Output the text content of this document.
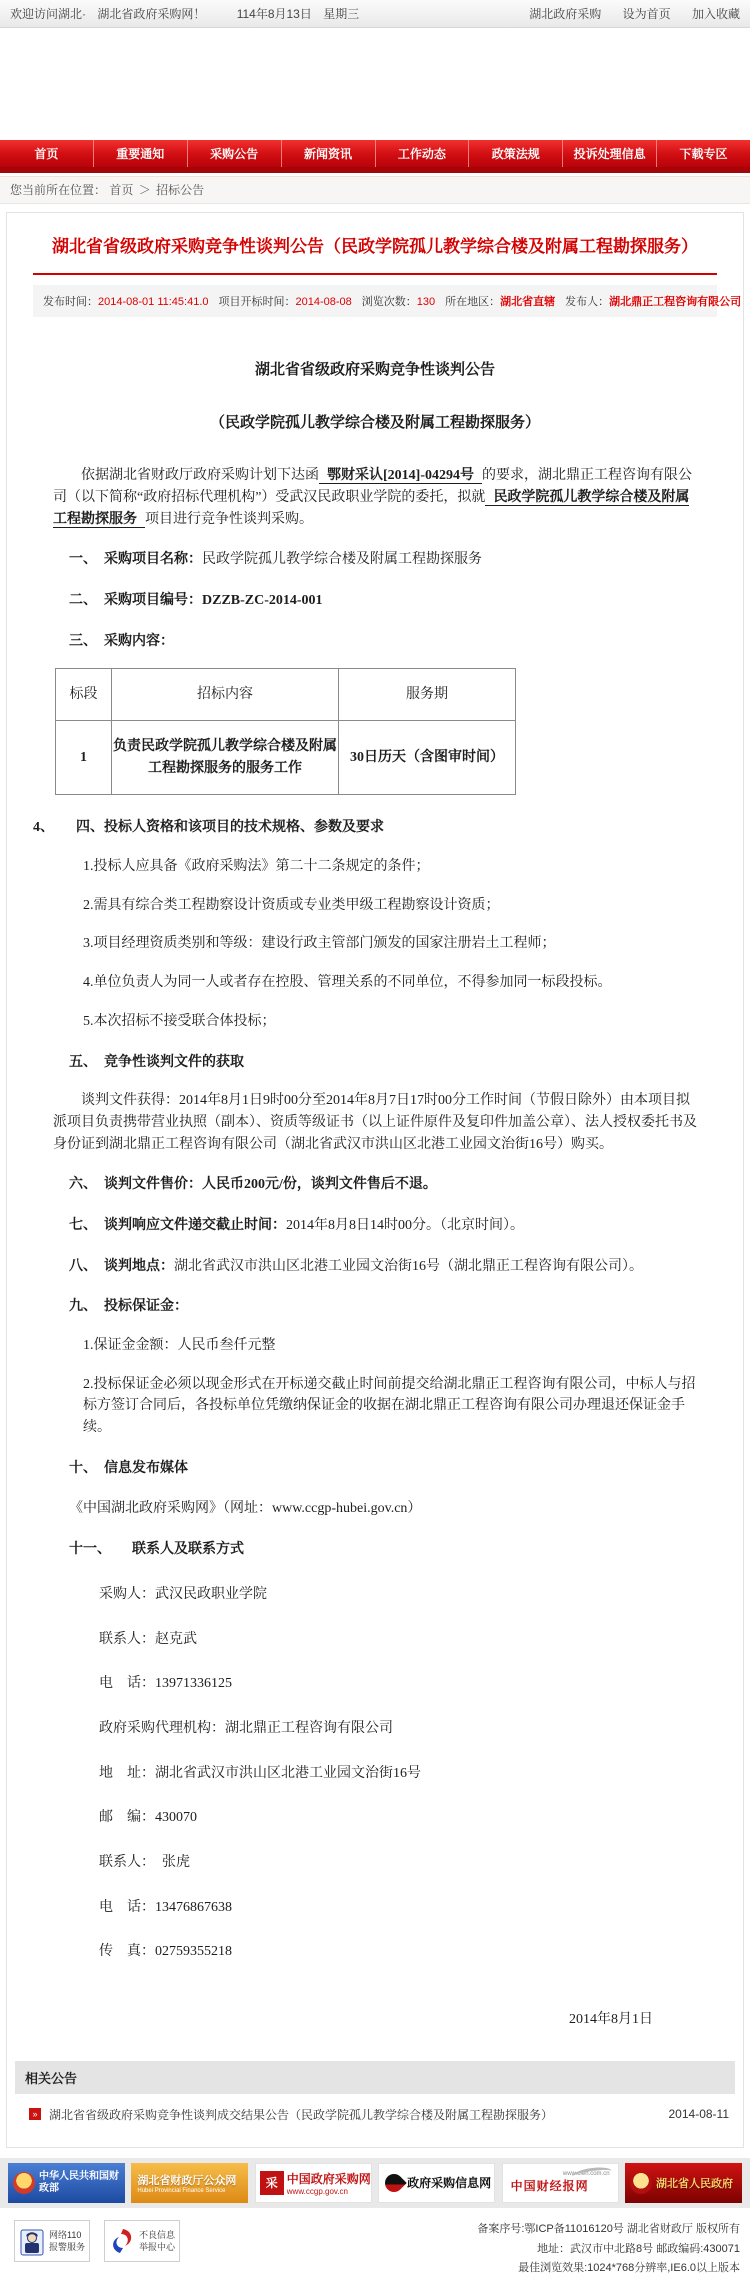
欢迎访问湖北· 湖北省政府采购网！	114年8月13日 星期三	湖北政府采购 设为首页 加入收藏
首页	重要通知	采购公告	新闻资讯	工作动态	政策法规	投诉处理信息	下载专区
您当前所在位置： 首页 ＞ 招标公告
湖北省省级政府采购竞争性谈判公告（民政学院孤儿教学综合楼及附属工程勘探服务）
发布时间：2014-08-01 11:45:41.0 项目开标时间：2014-08-08 浏览次数：130 所在地区：湖北省直辖 发布人：湖北鼎正工程咨询有限公司
湖北省省级政府采购竞争性谈判公告
（民政学院孤儿教学综合楼及附属工程勘探服务）

依据湖北省财政厅政府采购计划下达函 鄂财采认[2014]-04294号 的要求，湖北鼎正工程咨询有限公司（以下简称“政府招标代理机构”）受武汉民政职业学院的委托，拟就 民政学院孤儿教学综合楼及附属工程勘探服务 项目进行竞争性谈判采购。

一、　采购项目名称：民政学院孤儿教学综合楼及附属工程勘探服务

二、　采购项目编号：DZZB-ZC-2014-001

三、　采购内容：

标段	招标内容	服务期
1	负责民政学院孤儿教学综合楼及附属工程勘探服务的服务工作	30日历天（含图审时间）
4、 四、投标人资格和该项目的技术规格、参数及要求

1.投标人应具备《政府采购法》第二十二条规定的条件；

2.需具有综合类工程勘察设计资质或专业类甲级工程勘察设计资质；

3.项目经理资质类别和等级：建设行政主管部门颁发的国家注册岩土工程师；

4.单位负责人为同一人或者存在控股、管理关系的不同单位，不得参加同一标段投标。

5.本次招标不接受联合体投标；

五、　竞争性谈判文件的获取

谈判文件获得：2014年8月1日9时00分至2014年8月7日17时00分工作时间（节假日除外）由本项目拟派项目负责携带营业执照（副本）、资质等级证书（以上证件原件及复印件加盖公章）、法人授权委托书及身份证到湖北鼎正工程咨询有限公司（湖北省武汉市洪山区北港工业园文治街16号）购买。

六、　谈判文件售价：人民币200元/份，谈判文件售后不退。

七、　谈判响应文件递交截止时间：2014年8月8日14时00分。（北京时间）。

八、　谈判地点：湖北省武汉市洪山区北港工业园文治街16号（湖北鼎正工程咨询有限公司）。

九、　投标保证金：

1.保证金金额：人民币叁仟元整

2.投标保证金必须以现金形式在开标递交截止时间前提交给湖北鼎正工程咨询有限公司，中标人与招标方签订合同后，各投标单位凭缴纳保证金的收据在湖北鼎正工程咨询有限公司办理退还保证金手续。

十、　信息发布媒体

《中国湖北政府采购网》（网址：www.ccgp-hubei.gov.cn）

十一、　　联系人及联系方式

采购人：武汉民政职业学院

联系人：赵克武

电　话：13971336125

政府采购代理机构：湖北鼎正工程咨询有限公司

地　址：湖北省武汉市洪山区北港工业园文治街16号

邮　编：430070

联系人：　张虎

电　话：13476867638

传　真：02759355218

2014年8月1日

相关公告
» 湖北省省级政府采购竞争性谈判成交结果公告（民政学院孤儿教学综合楼及附属工程勘探服务）	2014-08-11
中华人民共和国财政部
湖北省财政厅公众网
Hubei Provincial Finance Service
采 中国政府采购网
www.ccgp.gov.cn
政府采购信息网
www.cfen.com.cn
中国财经报网	湖北省人民政府
网络110
报警服务
不良信息
举报中心
备案序号:鄂ICP备11016120号 湖北省财政厅 版权所有
地址：武汉市中北路8号 邮政编码:430071
最佳浏览效果:1024*768分辨率,IE6.0以上版本
